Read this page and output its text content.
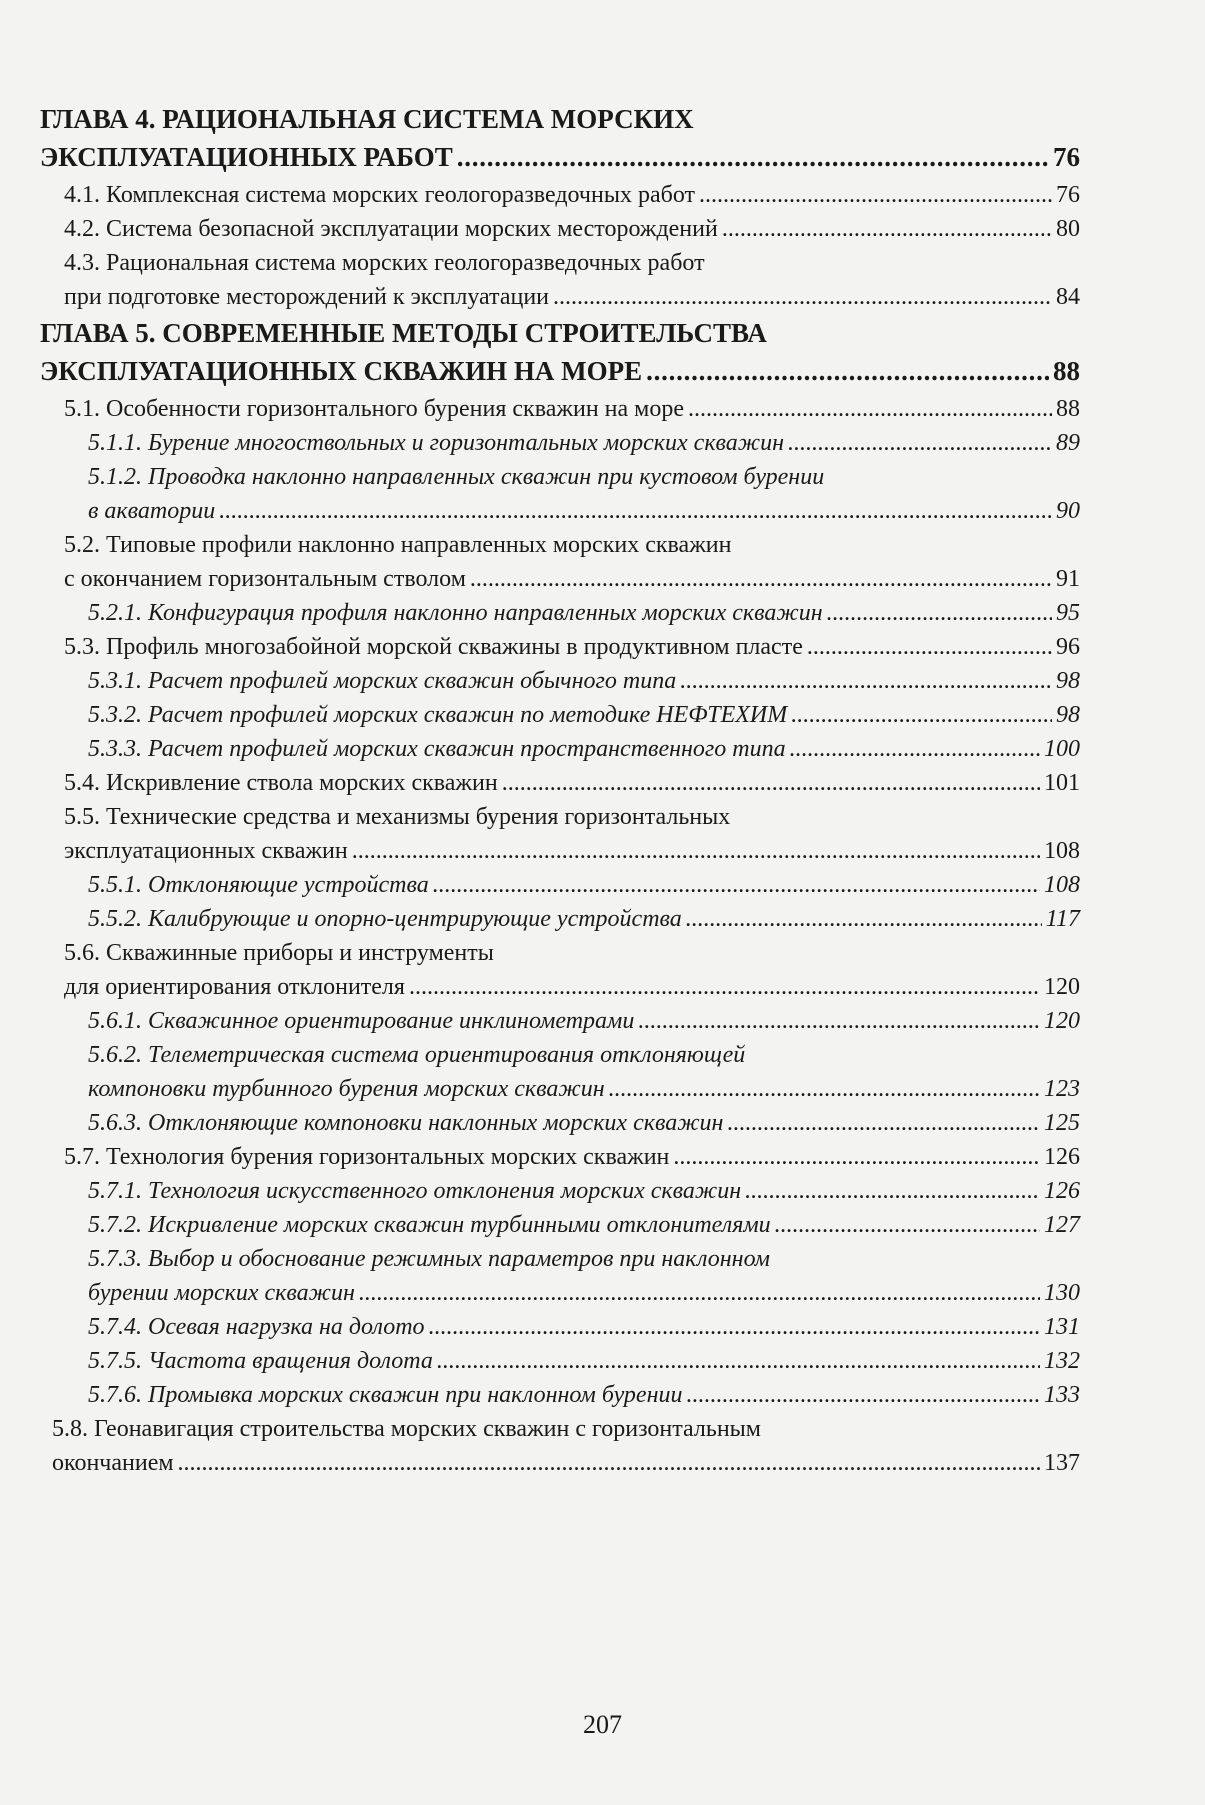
ГЛАВА 4. РАЦИОНАЛЬНАЯ СИСТЕМА МОРСКИХ
ЭКСПЛУАТАЦИОННЫХ РАБОТ . . .	76
4.1. Комплексная система морских геологоразведочных работ . . .	76
4.2. Система безопасной эксплуатации морских месторождений . . .	80
4.3. Рациональная система морских геологоразведочных работ
при подготовке месторождений к эксплуатации . . .	84
ГЛАВА 5. СОВРЕМЕННЫЕ МЕТОДЫ СТРОИТЕЛЬСТВА
ЭКСПЛУАТАЦИОННЫХ СКВАЖИН НА МОРЕ . . .	88
5.1. Особенности горизонтального бурения скважин на море . . .	88
5.1.1. Бурение многоствольных и горизонтальных морских скважин . . .	89
5.1.2. Проводка наклонно направленных скважин при кустовом бурении
в акватории . . .	90
5.2. Типовые профили наклонно направленных морских скважин
с окончанием горизонтальным стволом . . .	91
5.2.1. Конфигурация профиля наклонно направленных морских скважин . . .	95
5.3. Профиль многозабойной морской скважины в продуктивном пласте . . .	96
5.3.1. Расчет профилей морских скважин обычного типа . . .	98
5.3.2. Расчет профилей морских скважин по методике НЕФТЕХИМ . . .	98
5.3.3. Расчет профилей морских скважин пространственного типа . . .	100
5.4. Искривление ствола морских скважин . . .	101
5.5. Технические средства и механизмы бурения горизонтальных
эксплуатационных скважин . . .	108
5.5.1. Отклоняющие устройства . . .	108
5.5.2. Калибрующие и опорно-центрирующие устройства . . .	117
5.6. Скважинные приборы и инструменты
для ориентирования отклонителя . . .	120
5.6.1. Скважинное ориентирование инклинометрами . . .	120
5.6.2. Телеметрическая система ориентирования отклоняющей
компоновки турбинного бурения морских скважин . . .	123
5.6.3. Отклоняющие компоновки наклонных морских скважин . . .	125
5.7. Технология бурения горизонтальных морских скважин . . .	126
5.7.1. Технология искусственного отклонения морских скважин . . .	126
5.7.2. Искривление морских скважин турбинными отклонителями . . .	127
5.7.3. Выбор и обоснование режимных параметров при наклонном
бурении морских скважин . . .	130
5.7.4. Осевая нагрузка на долото . . .	131
5.7.5. Частота вращения долота . . .	132
5.7.6. Промывка морских скважин при наклонном бурении . . .	133
5.8. Геонавигация строительства морских скважин с горизонтальным
окончанием . . .	137
207
